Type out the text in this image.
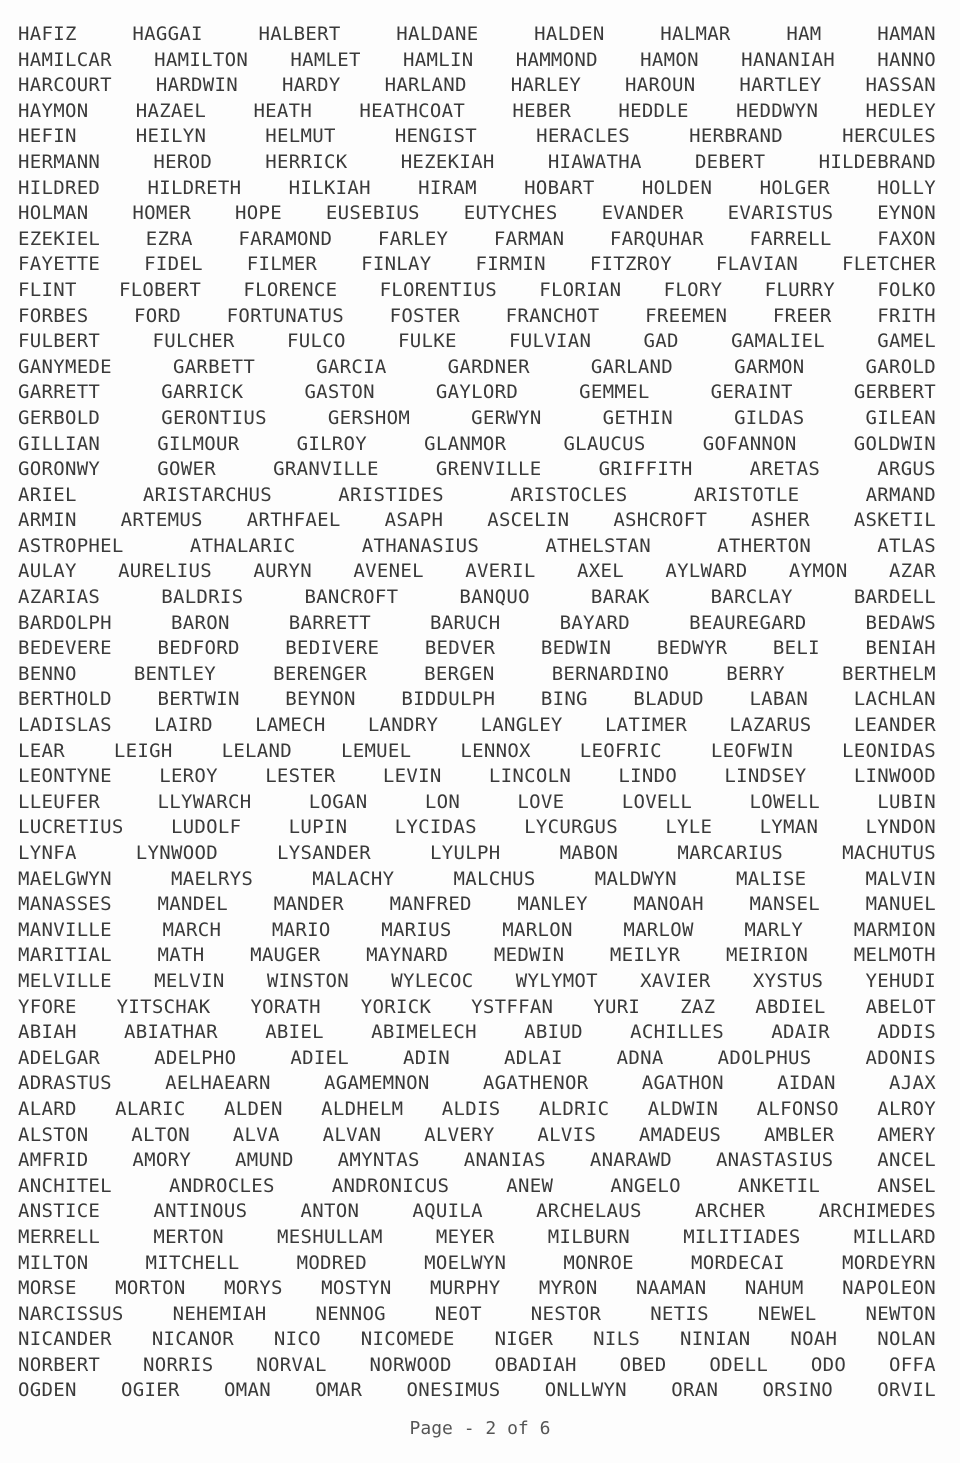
HAFIZ	HAGGAI	HALBERT	HALDANE	HALDEN	HALMAR	HAM	HAMAN
HAMILCAR HAMILTON HAMLET HAMLIN HAMMOND HAMON HANANIAH HANNO
HARCOURT HARDWIN HARDY HARLAND HARLEY HAROUN HARTLEY HASSAN
HAYMON HAZAEL HEATH HEATHCOAT HEBER HEDDLE HEDDWYN HEDLEY
HEFIN	HEILYN	HELMUT	HENGIST	HERACLES	HERBRAND	HERCULES
HERMANN	HEROD	HERRICK	HEZEKIAH	HIAWATHA	DEBERT	HILDEBRAND
HILDRED HILDRETH HILKIAH HIRAM HOBART HOLDEN HOLGER HOLLY
HOLMAN HOMER HOPE EUSEBIUS EUTYCHES EVANDER EVARISTUS EYNON
EZEKIEL EZRA FARAMOND FARLEY FARMAN FARQUHAR FARRELL FAXON
FAYETTE FIDEL FILMER FINLAY FIRMIN FITZROY FLAVIAN FLETCHER
FLINT FLOBERT FLORENCE FLORENTIUS FLORIAN FLORY FLURRY FOLKO
FORBES FORD FORTUNATUS FOSTER FRANCHOT FREEMEN FREER FRITH
FULBERT	FULCHER	FULCO	FULKE	FULVIAN	GAD	GAMALIEL	GAMEL
GANYMEDE	GARBETT	GARCIA	GARDNER	GARLAND	GARMON	GAROLD
GARRETT	GARRICK	GASTON	GAYLORD	GEMMEL	GERAINT	GERBERT
GERBOLD	GERONTIUS	GERSHOM	GERWYN	GETHIN	GILDAS	GILEAN
GILLIAN	GILMOUR	GILROY	GLANMOR	GLAUCUS	GOFANNON	GOLDWIN
GORONWY	GOWER	GRANVILLE	GRENVILLE	GRIFFITH	ARETAS	ARGUS
ARIEL	ARISTARCHUS	ARISTIDES	ARISTOCLES	ARISTOTLE	ARMAND
ARMIN ARTEMUS ARTHFAEL ASAPH ASCELIN ASHCROFT ASHER ASKETIL
ASTROPHEL	ATHALARIC	ATHANASIUS	ATHELSTAN	ATHERTON	ATLAS
AULAY AURELIUS AURYN AVENEL AVERIL AXEL AYLWARD AYMON AZAR
AZARIAS	BALDRIS	BANCROFT	BANQUO	BARAK	BARCLAY	BARDELL
BARDOLPH	BARON	BARRETT	BARUCH	BAYARD	BEAUREGARD	BEDAWS
BEDEVERE BEDFORD BEDIVERE BEDVER BEDWIN BEDWYR BELI BENIAH
BENNO	BENTLEY	BERENGER	BERGEN	BERNARDINO	BERRY	BERTHELM
BERTHOLD BERTWIN BEYNON BIDDULPH BING BLADUD LABAN LACHLAN
LADISLAS LAIRD LAMECH LANDRY LANGLEY LATIMER LAZARUS LEANDER
LEAR	LEIGH	LELAND	LEMUEL	LENNOX	LEOFRIC	LEOFWIN	LEONIDAS
LEONTYNE LEROY LESTER LEVIN LINCOLN LINDO LINDSEY LINWOOD
LLEUFER	LLYWARCH	LOGAN	LON	LOVE	LOVELL	LOWELL	LUBIN
LUCRETIUS LUDOLF LUPIN LYCIDAS LYCURGUS LYLE LYMAN LYNDON
LYNFA	LYNWOOD	LYSANDER	LYULPH	MABON	MARCARIUS	MACHUTUS
MAELGWYN	MAELRYS	MALACHY	MALCHUS	MALDWYN	MALISE	MALVIN
MANASSES MANDEL MANDER MANFRED MANLEY MANOAH MANSEL MANUEL
MANVILLE	MARCH	MARIO	MARIUS	MARLON	MARLOW	MARLY	MARMION
MARITIAL MATH MAUGER MAYNARD MEDWIN MEILYR MEIRION MELMOTH
MELVILLE MELVIN WINSTON WYLECOC WYLYMOT XAVIER XYSTUS YEHUDI
YFORE YITSCHAK YORATH YORICK YSTFFAN YURI ZAZ ABDIEL ABELOT
ABIAH ABIATHAR ABIEL ABIMELECH ABIUD ACHILLES ADAIR ADDIS
ADELGAR	ADELPHO	ADIEL	ADIN	ADLAI	ADNA	ADOLPHUS	ADONIS
ADRASTUS	AELHAEARN	AGAMEMNON	AGATHENOR	AGATHON	AIDAN	AJAX
ALARD ALARIC ALDEN ALDHELM ALDIS ALDRIC ALDWIN ALFONSO ALROY
ALSTON ALTON ALVA ALVAN ALVERY ALVIS AMADEUS AMBLER AMERY
AMFRID AMORY AMUND AMYNTAS ANANIAS ANARAWD ANASTASIUS ANCEL
ANCHITEL	ANDROCLES	ANDRONICUS	ANEW	ANGELO	ANKETIL	ANSEL
ANSTICE	ANTINOUS	ANTON	AQUILA	ARCHELAUS	ARCHER	ARCHIMEDES
MERRELL	MERTON	MESHULLAM	MEYER	MILBURN	MILITIADES	MILLARD
MILTON	MITCHELL	MODRED	MOELWYN	MONROE	MORDECAI	MORDEYRN
MORSE MORTON MORYS MOSTYN MURPHY MYRON NAAMAN NAHUM NAPOLEON
NARCISSUS	NEHEMIAH	NENNOG	NEOT	NESTOR	NETIS	NEWEL	NEWTON
NICANDER NICANOR NICO NICOMEDE NIGER NILS NINIAN NOAH NOLAN
NORBERT NORRIS NORVAL NORWOOD OBADIAH OBED ODELL ODO OFFA
OGDEN OGIER OMAN OMAR ONESIMUS ONLLWYN ORAN ORSINO ORVIL
Page - 2 of 6
